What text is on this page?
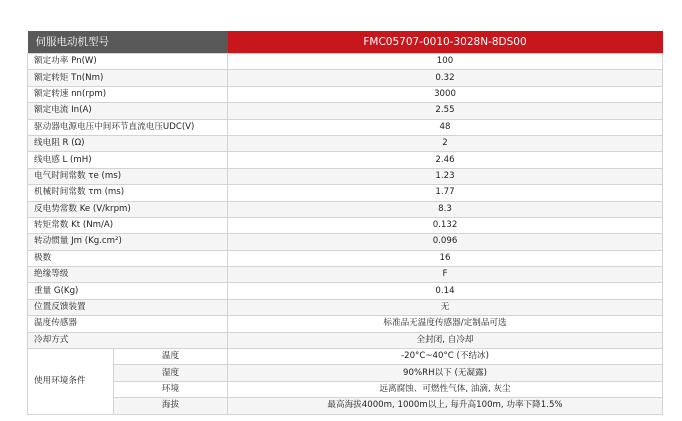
伺服电动机型号		FMC05707-0010-3028N-8DS00
额定功率 Pn(W)		100
额定转矩 Tn(Nm)		0.32
额定转速 nn(rpm)		3000
额定电流 In(A)		2.55
驱动器电源电压中间环节直流电压UDC(V)		48
线电阻 R (Ω)		2
线电感 L (mH)		2.46
电气时间常数 τe (ms)		1.23
机械时间常数 τm (ms)		1.77
反电势常数 Ke (V/krpm)		8.3
转矩常数 Kt (Nm/A)		0.132
转动惯量 Jm (Kg.cm²)		0.096
极数		16
绝缘等级		F
重量 G(Kg)		0.14
位置反馈装置		无
温度传感器		标准品无温度传感器/定制品可选
冷却方式		全封闭, 自冷却
使用环境条件	温度	-20°C~40°C (不结冰)
	湿度	90%RH以下 (无凝露)
	环境	远离腐蚀、可燃性气体, 油滴, 灰尘
	海拔	最高海拔4000m, 1000m以上, 每升高100m, 功率下降1.5%
